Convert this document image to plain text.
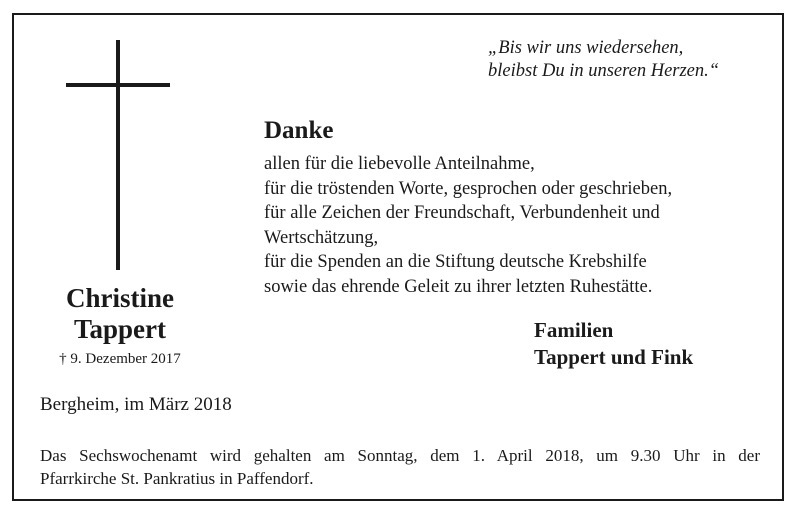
Christine
Tappert
† 9. Dezember 2017
„Bis wir uns wiedersehen,
bleibst Du in unseren Herzen.“
Danke
allen für die liebevolle Anteilnahme,
für die tröstenden Worte, gesprochen oder geschrieben,
für alle Zeichen der Freundschaft, Verbundenheit und
Wertschätzung,
für die Spenden an die Stiftung deutsche Krebshilfe
sowie das ehrende Geleit zu ihrer letzten Ruhestätte.
Familien
Tappert und Fink
Bergheim, im März 2018
Das Sechswochenamt wird gehalten am Sonntag, dem 1. April 2018, um 9.30 Uhr in der
Pfarrkirche St. Pankratius in Paffendorf.
